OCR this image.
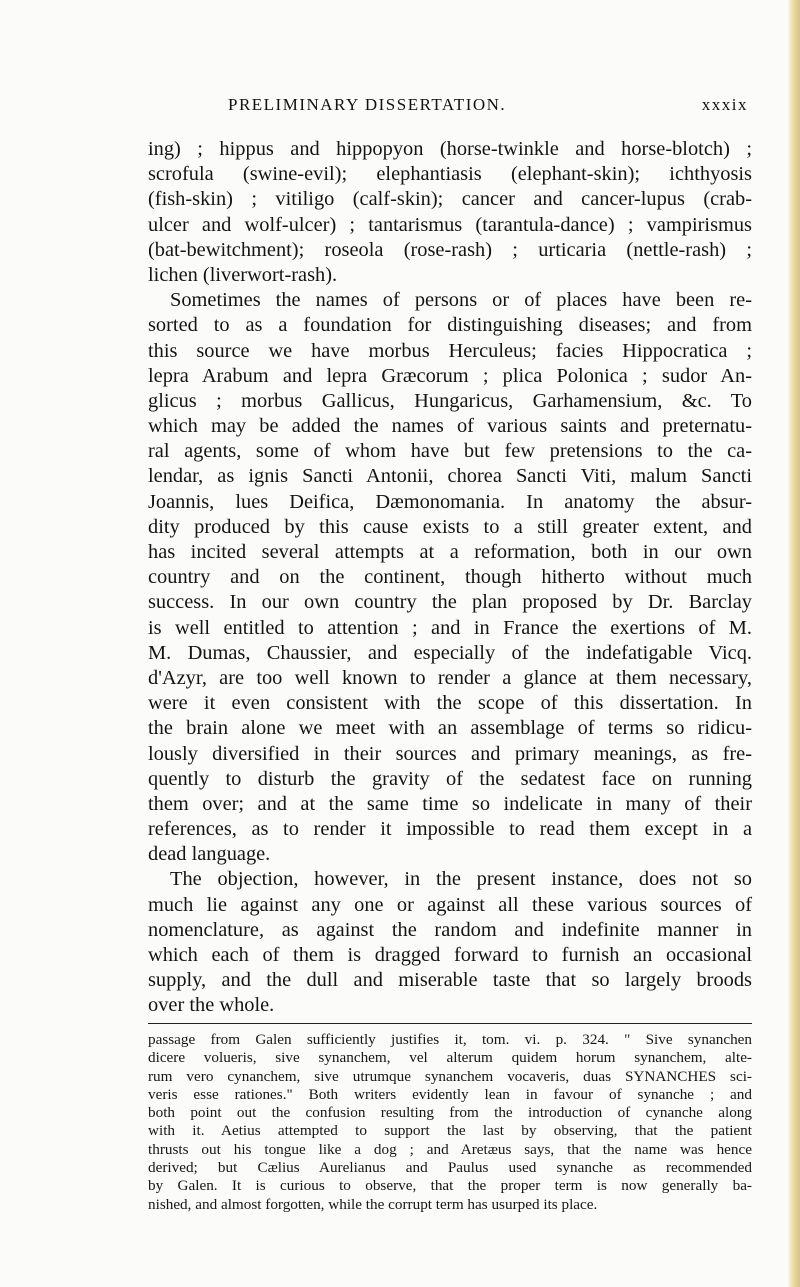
PRELIMINARY DISSERTATION.	xxxix
ing) ; hippus and hippopyon (horse-twinkle and horse-blotch) ;
scrofula (swine-evil); elephantiasis (elephant-skin); ichthyosis
(fish-skin) ; vitiligo (calf-skin); cancer and cancer-lupus (crab-
ulcer and wolf-ulcer) ; tantarismus (tarantula-dance) ; vampirismus
(bat-bewitchment); roseola (rose-rash) ; urticaria (nettle-rash) ;
lichen (liverwort-rash).
Sometimes the names of persons or of places have been re-
sorted to as a foundation for distinguishing diseases; and from
this source we have morbus Herculeus; facies Hippocratica ;
lepra Arabum and lepra Græcorum ; plica Polonica ; sudor An-
glicus ; morbus Gallicus, Hungaricus, Garhamensium, &c. To
which may be added the names of various saints and preternatu-
ral agents, some of whom have but few pretensions to the ca-
lendar, as ignis Sancti Antonii, chorea Sancti Viti, malum Sancti
Joannis, lues Deifica, Dæmonomania. In anatomy the absur-
dity produced by this cause exists to a still greater extent, and
has incited several attempts at a reformation, both in our own
country and on the continent, though hitherto without much
success. In our own country the plan proposed by Dr. Barclay
is well entitled to attention ; and in France the exertions of M.
M. Dumas, Chaussier, and especially of the indefatigable Vicq.
d'Azyr, are too well known to render a glance at them necessary,
were it even consistent with the scope of this dissertation. In
the brain alone we meet with an assemblage of terms so ridicu-
lously diversified in their sources and primary meanings, as fre-
quently to disturb the gravity of the sedatest face on running
them over; and at the same time so indelicate in many of their
references, as to render it impossible to read them except in a
dead language.
The objection, however, in the present instance, does not so
much lie against any one or against all these various sources of
nomenclature, as against the random and indefinite manner in
which each of them is dragged forward to furnish an occasional
supply, and the dull and miserable taste that so largely broods
over the whole.
passage from Galen sufficiently justifies it, tom. vi. p. 324. " Sive synanchen
dicere volueris, sive synanchem, vel alterum quidem horum synanchem, alte-
rum vero cynanchem, sive utrumque synanchem vocaveris, duas SYNANCHES sci-
veris esse rationes." Both writers evidently lean in favour of synanche ; and
both point out the confusion resulting from the introduction of cynanche along
with it. Aetius attempted to support the last by observing, that the patient
thrusts out his tongue like a dog ; and Aretæus says, that the name was hence
derived; but Cælius Aurelianus and Paulus used synanche as recommended
by Galen. It is curious to observe, that the proper term is now generally ba-
nished, and almost forgotten, while the corrupt term has usurped its place.
